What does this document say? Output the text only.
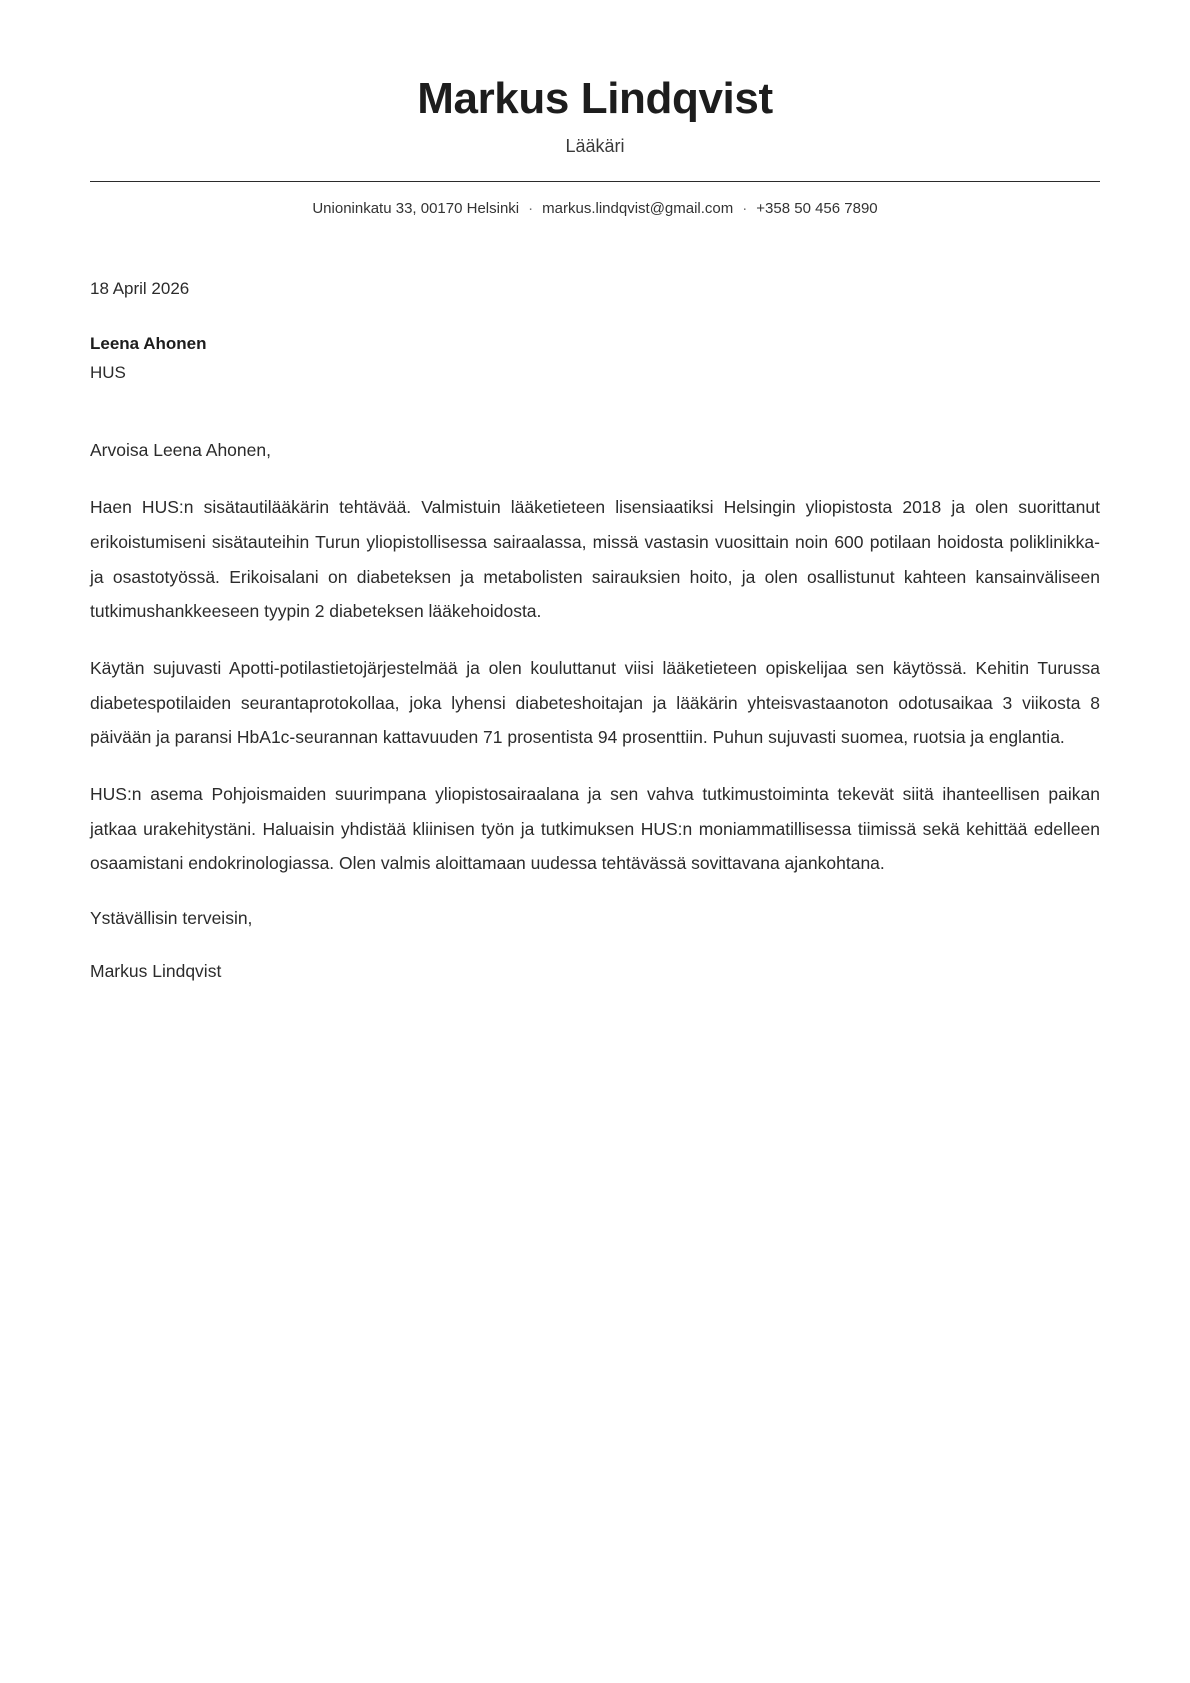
Markus Lindqvist

Lääkäri

Unioninkatu 33, 00170 Helsinki · markus.lindqvist@gmail.com · +358 50 456 7890

18 April 2026

Leena Ahonen

HUS

Arvoisa Leena Ahonen,

Haen HUS:n sisätautilääkärin tehtävää. Valmistuin lääketieteen lisensiaatiksi Helsingin yliopistosta 2018 ja olen suorittanut erikoistumiseni sisätauteihin Turun yliopistollisessa sairaalassa, missä vastasin vuosittain noin 600 potilaan hoidosta poliklinikka- ja osastotyössä. Erikoisalani on diabeteksen ja metabolisten sairauksien hoito, ja olen osallistunut kahteen kansainväliseen tutkimushankkeeseen tyypin 2 diabeteksen lääkehoidosta.

Käytän sujuvasti Apotti-potilastietojärjestelmää ja olen kouluttanut viisi lääketieteen opiskelijaa sen käytössä. Kehitin Turussa diabetespotilaiden seurantaprotokollaa, joka lyhensi diabeteshoitajan ja lääkärin yhteisvastaanoton odotusaikaa 3 viikosta 8 päivään ja paransi HbA1c-seurannan kattavuuden 71 prosentista 94 prosenttiin. Puhun sujuvasti suomea, ruotsia ja englantia.

HUS:n asema Pohjoismaiden suurimpana yliopistosairaalana ja sen vahva tutkimustoiminta tekevät siitä ihanteellisen paikan jatkaa urakehitystäni. Haluaisin yhdistää kliinisen työn ja tutkimuksen HUS:n moniammatillisessa tiimissä sekä kehittää edelleen osaamistani endokrinologiassa. Olen valmis aloittamaan uudessa tehtävässä sovittavana ajankohtana.

Ystävällisin terveisin,

Markus Lindqvist
